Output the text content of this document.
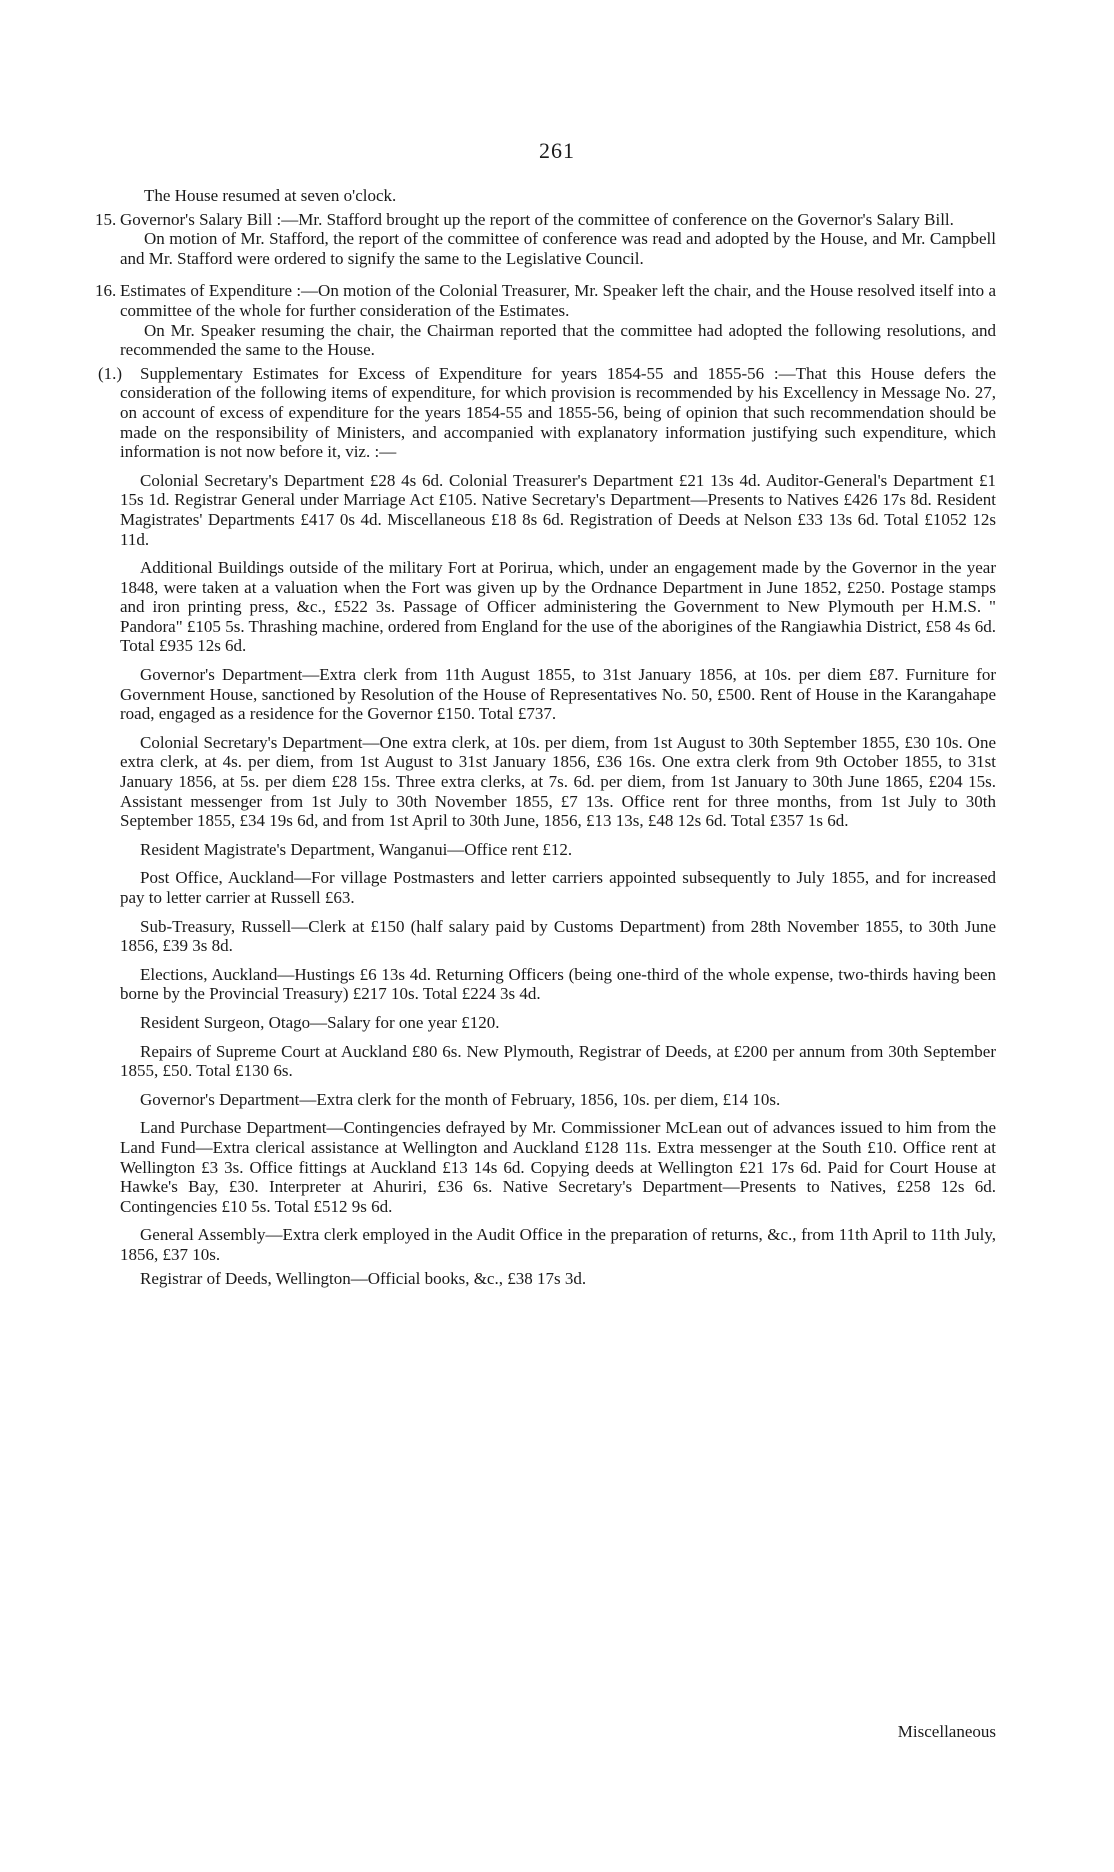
261

The House resumed at seven o'clock.

15. Governor's Salary Bill :—Mr. Stafford brought up the report of the committee of conference on the Governor's Salary Bill.

On motion of Mr. Stafford, the report of the committee of conference was read and adopted by the House, and Mr. Campbell and Mr. Stafford were ordered to signify the same to the Legislative Council.

16. Estimates of Expenditure :—On motion of the Colonial Treasurer, Mr. Speaker left the chair, and the House resolved itself into a committee of the whole for further consideration of the Estimates.

On Mr. Speaker resuming the chair, the Chairman reported that the committee had adopted the following resolutions, and recommended the same to the House.

(1.)	Supplementary Estimates for Excess of Expenditure for years 1854-55 and 1855-56 :—That this House defers the consideration of the following items of expenditure, for which provision is recommended by his Excellency in Message No. 27, on account of excess of expenditure for the years 1854-55 and 1855-56, being of opinion that such recommendation should be made on the responsibility of Ministers, and accompanied with explanatory information justifying such expenditure, which information is not now before it, viz. :—

Colonial Secretary's Department £28 4s 6d. Colonial Treasurer's Department £21 13s 4d. Auditor-General's Department £1 15s 1d. Registrar General under Marriage Act £105. Native Secretary's Department—Presents to Natives £426 17s 8d. Resident Magistrates' Departments £417 0s 4d. Miscellaneous £18 8s 6d. Registration of Deeds at Nelson £33 13s 6d. Total £1052 12s 11d.

Additional Buildings outside of the military Fort at Porirua, which, under an engagement made by the Governor in the year 1848, were taken at a valuation when the Fort was given up by the Ordnance Department in June 1852, £250. Postage stamps and iron printing press, &c., £522 3s. Passage of Officer administering the Government to New Plymouth per H.M.S. " Pandora" £105 5s. Thrashing machine, ordered from England for the use of the aborigines of the Rangiawhia District, £58 4s 6d. Total £935 12s 6d.

Governor's Department—Extra clerk from 11th August 1855, to 31st January 1856, at 10s. per diem £87. Furniture for Government House, sanctioned by Resolution of the House of Representatives No. 50, £500. Rent of House in the Karangahape road, engaged as a residence for the Governor £150. Total £737.

Colonial Secretary's Department—One extra clerk, at 10s. per diem, from 1st August to 30th September 1855, £30 10s. One extra clerk, at 4s. per diem, from 1st August to 31st January 1856, £36 16s. One extra clerk from 9th October 1855, to 31st January 1856, at 5s. per diem £28 15s. Three extra clerks, at 7s. 6d. per diem, from 1st January to 30th June 1865, £204 15s. Assistant messenger from 1st July to 30th November 1855, £7 13s. Office rent for three months, from 1st July to 30th September 1855, £34 19s 6d, and from 1st April to 30th June, 1856, £13 13s, £48 12s 6d. Total £357 1s 6d.

Resident Magistrate's Department, Wanganui—Office rent £12.

Post Office, Auckland—For village Postmasters and letter carriers appointed subsequently to July 1855, and for increased pay to letter carrier at Russell £63.

Sub-Treasury, Russell—Clerk at £150 (half salary paid by Customs Department) from 28th November 1855, to 30th June 1856, £39 3s 8d.

Elections, Auckland—Hustings £6 13s 4d. Returning Officers (being one-third of the whole expense, two-thirds having been borne by the Provincial Treasury) £217 10s. Total £224 3s 4d.

Resident Surgeon, Otago—Salary for one year £120.

Repairs of Supreme Court at Auckland £80 6s. New Plymouth, Registrar of Deeds, at £200 per annum from 30th September 1855, £50. Total £130 6s.

Governor's Department—Extra clerk for the month of February, 1856, 10s. per diem, £14 10s.

Land Purchase Department—Contingencies defrayed by Mr. Commissioner McLean out of advances issued to him from the Land Fund—Extra clerical assistance at Wellington and Auckland £128 11s. Extra messenger at the South £10. Office rent at Wellington £3 3s. Office fittings at Auckland £13 14s 6d. Copying deeds at Wellington £21 17s 6d. Paid for Court House at Hawke's Bay, £30. Interpreter at Ahuriri, £36 6s. Native Secretary's Department—Presents to Natives, £258 12s 6d. Contingencies £10 5s. Total £512 9s 6d.

General Assembly—Extra clerk employed in the Audit Office in the preparation of returns, &c., from 11th April to 11th July, 1856, £37 10s.

Registrar of Deeds, Wellington—Official books, &c., £38 17s 3d.

Miscellaneous
